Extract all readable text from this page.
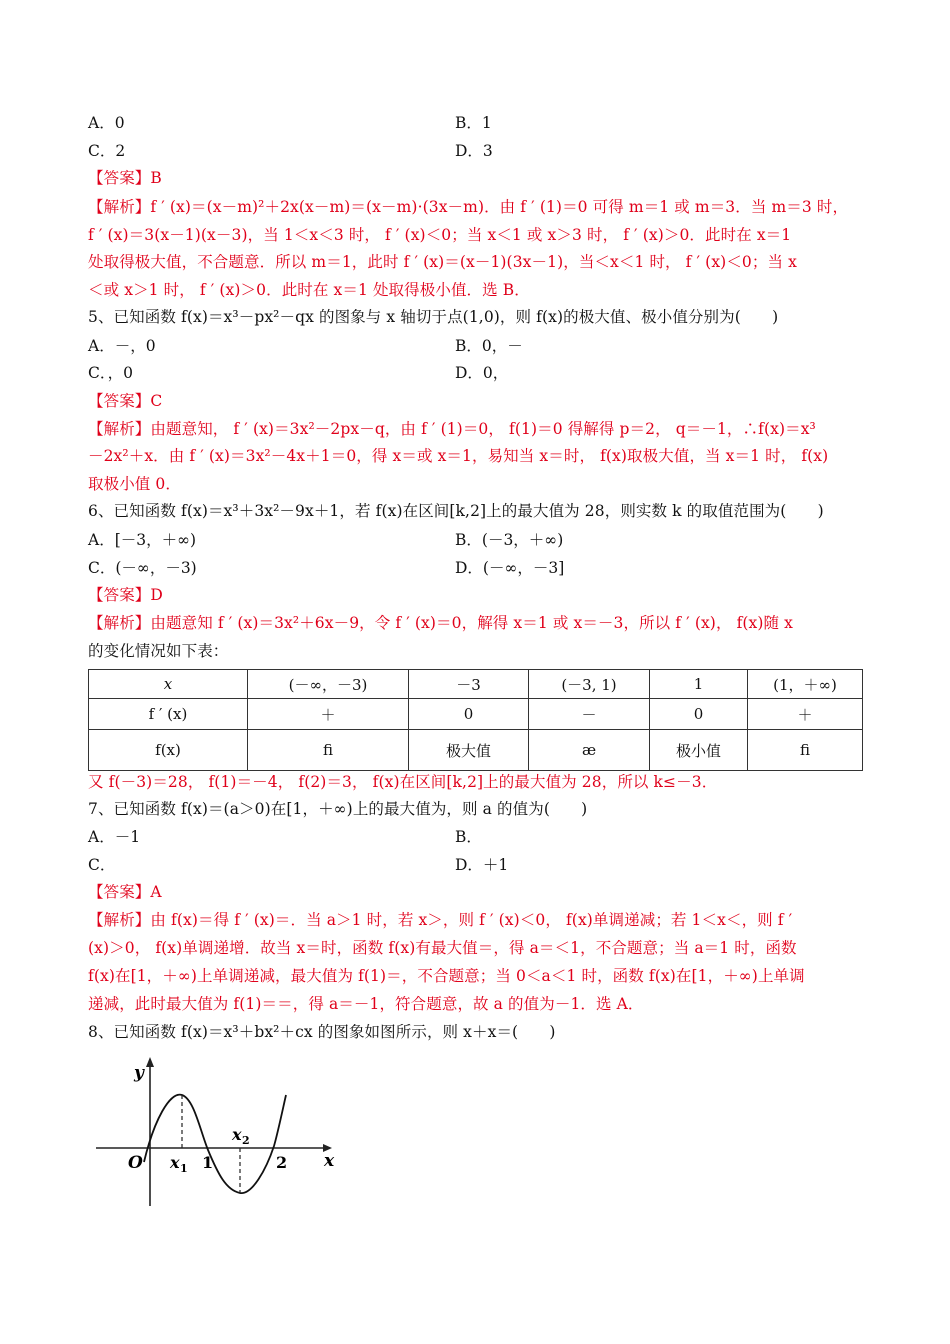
A．0	B．1
C．2	D．3
【答案】B
【解析】f ′ (x)＝(x－m)²＋2x(x－m)＝(x－m)·(3x－m)．由 f ′ (1)＝0 可得 m＝1 或 m＝3．当 m＝3 时，
f ′ (x)＝3(x－1)(x－3)，当 1＜x＜3 时， f ′ (x)＜0；当 x＜1 或 x＞3 时， f ′ (x)＞0．此时在 x＝1
处取得极大值，不合题意．所以 m＝1，此时 f ′ (x)＝(x－1)(3x－1)，当＜x＜1 时， f ′ (x)＜0；当 x
＜或 x＞1 时， f ′ (x)＞0．此时在 x＝1 处取得极小值．选 B．
5、已知函数 f(x)＝x³－px²－qx 的图象与 x 轴切于点(1,0)，则 f(x)的极大值、极小值分别为(　　)
A．－，0	B．0，－
C．，0	D．0，
【答案】C
【解析】由题意知， f ′ (x)＝3x²－2px－q，由 f ′ (1)＝0， f(1)＝0 得解得 p＝2， q＝－1，∴f(x)＝x³
－2x²＋x．由 f ′ (x)＝3x²－4x＋1＝0，得 x＝或 x＝1，易知当 x＝时， f(x)取极大值，当 x＝1 时， f(x)
取极小值 0．
6、已知函数 f(x)＝x³＋3x²－9x＋1，若 f(x)在区间[k,2]上的最大值为 28，则实数 k 的取值范围为(　　)
A．[－3，＋∞)	B．(－3，＋∞)
C．(－∞，－3)	D．(－∞，－3]
【答案】D
【解析】由题意知 f ′ (x)＝3x²＋6x－9，令 f ′ (x)＝0，解得 x＝1 或 x＝－3，所以 f ′ (x)， f(x)随 x
的变化情况如下表：
x	(－∞，－3)	－3	(－3, 1)	1	(1，＋∞)
f ′ (x)	＋	0	－	0	＋
f(x)	ﬁ	极大值	æ	极小值	ﬁ
又 f(－3)＝28， f(1)＝－4， f(2)＝3， f(x)在区间[k,2]上的最大值为 28，所以 k≤－3．
7、已知函数 f(x)＝(a＞0)在[1，＋∞)上的最大值为，则 a 的值为(　　)
A．－1	B．
C．	D．＋1
【答案】A
【解析】由 f(x)＝得 f ′ (x)＝．当 a＞1 时，若 x＞，则 f ′ (x)＜0， f(x)单调递减；若 1＜x＜，则 f ′
(x)＞0， f(x)单调递增．故当 x＝时，函数 f(x)有最大值＝，得 a＝＜1，不合题意；当 a＝1 时，函数
f(x)在[1，＋∞)上单调递减，最大值为 f(1)＝，不合题意；当 0＜a＜1 时，函数 f(x)在[1，＋∞)上单调
递减，此时最大值为 f(1)＝＝，得 a＝－1，符合题意，故 a 的值为－1．选 A．
8、已知函数 f(x)＝x³＋bx²＋cx 的图象如图所示，则 x＋x＝(　　)
y
x
O x 1 1
x 2
2
